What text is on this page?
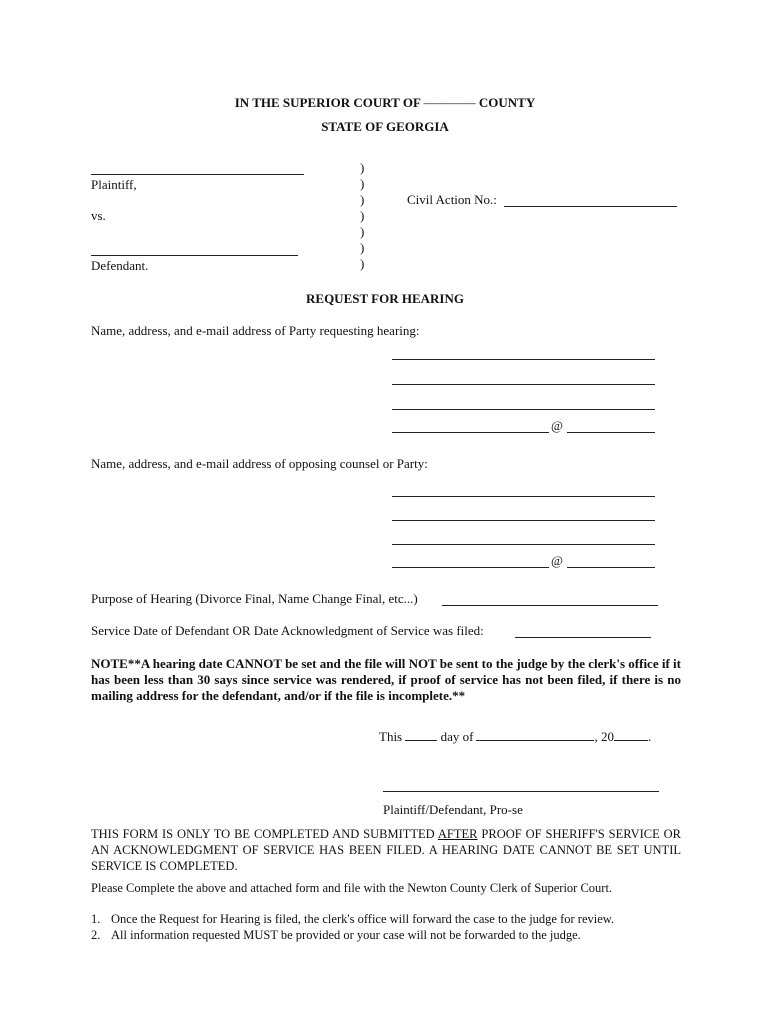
IN THE SUPERIOR COURT OF ———— COUNTY
STATE OF GEORGIA
Plaintiff,
vs.
Defendant.
)
)
)
)
)
)
)
Civil Action No.:
REQUEST FOR HEARING
Name, address, and e-mail address of Party requesting hearing:
@
Name, address, and e-mail address of opposing counsel or Party:
@
Purpose of Hearing (Divorce Final, Name Change Final, etc...)
Service Date of Defendant OR Date Acknowledgment of Service was filed:
NOTE**A hearing date CANNOT be set and the file will NOT be sent to the judge by the clerk's office if it has been less than 30 says since service was rendered, if proof of service has not been filed, if there is no mailing address for the defendant, and/or if the file is incomplete.**
This	day of	, 20	.
Plaintiff/Defendant, Pro-se
THIS FORM IS ONLY TO BE COMPLETED AND SUBMITTED AFTER PROOF OF SHERIFF'S SERVICE OR AN ACKNOWLEDGMENT OF SERVICE HAS BEEN FILED. A HEARING DATE CANNOT BE SET UNTIL SERVICE IS COMPLETED.
Please Complete the above and attached form and file with the Newton County Clerk of Superior Court.
1. Once the Request for Hearing is filed, the clerk's office will forward the case to the judge for review.
2. All information requested MUST be provided or your case will not be forwarded to the judge.
